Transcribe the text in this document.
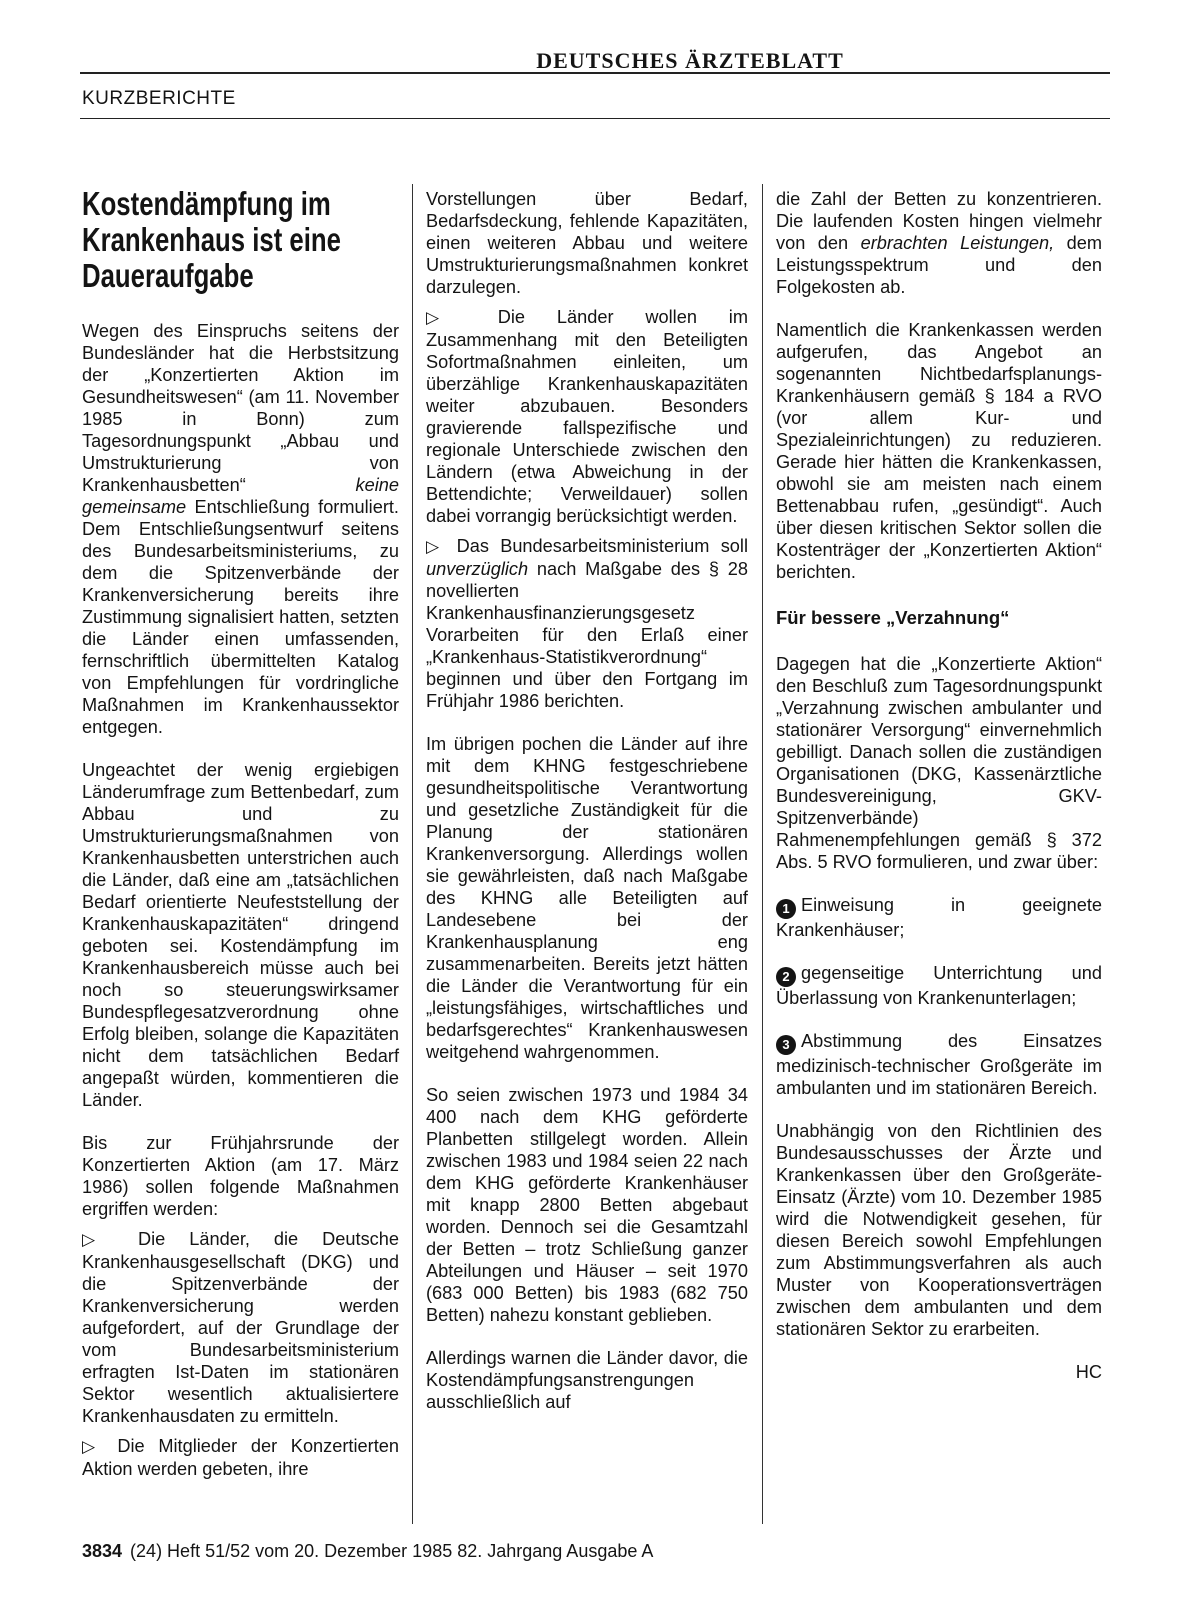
DEUTSCHES ÄRZTEBLATT
KURZBERICHTE
Kostendämpfung im Krankenhaus ist eine Daueraufgabe

Wegen des Einspruchs seitens der Bundesländer hat die Herbstsitzung der „Konzertierten Aktion im Gesundheitswesen“ (am 11. November 1985 in Bonn) zum Tagesordnungspunkt „Abbau und Umstrukturierung von Krankenhausbetten“ keine gemeinsame Entschließung formuliert. Dem Entschließungsentwurf seitens des Bundesarbeitsministeriums, zu dem die Spitzenverbände der Krankenversicherung bereits ihre Zustimmung signalisiert hatten, setzten die Länder einen umfassenden, fernschriftlich übermittelten Katalog von Empfehlungen für vordringliche Maßnahmen im Krankenhaussektor entgegen.

Ungeachtet der wenig ergiebigen Länderumfrage zum Bettenbedarf, zum Abbau und zu Umstrukturierungsmaßnahmen von Krankenhausbetten unterstrichen auch die Länder, daß eine am „tatsächlichen Bedarf orientierte Neufeststellung der Krankenhauskapazitäten“ dringend geboten sei. Kostendämpfung im Krankenhausbereich müsse auch bei noch so steuerungswirksamer Bundespflegesatzverordnung ohne Erfolg bleiben, solange die Kapazitäten nicht dem tatsächlichen Bedarf angepaßt würden, kommentieren die Länder.

Bis zur Frühjahrsrunde der Konzertierten Aktion (am 17. März 1986) sollen folgende Maßnahmen ergriffen werden:

▷ Die Länder, die Deutsche Krankenhausgesellschaft (DKG) und die Spitzenverbände der Krankenversicherung werden aufgefordert, auf der Grundlage der vom Bundesarbeitsministerium erfragten Ist-Daten im stationären Sektor wesentlich aktualisiertere Krankenhausdaten zu ermitteln.

▷ Die Mitglieder der Konzertierten Aktion werden gebeten, ihre

Vorstellungen über Bedarf, Bedarfsdeckung, fehlende Kapazitäten, einen weiteren Abbau und weitere Umstrukturierungsmaßnahmen konkret darzulegen.

▷ Die Länder wollen im Zusammenhang mit den Beteiligten Sofortmaßnahmen einleiten, um überzählige Krankenhauskapazitäten weiter abzubauen. Besonders gravierende fallspezifische und regionale Unterschiede zwischen den Ländern (etwa Abweichung in der Bettendichte; Verweildauer) sollen dabei vorrangig berücksichtigt werden.

▷ Das Bundesarbeitsministerium soll unverzüglich nach Maßgabe des § 28 novellierten Krankenhausfinanzierungsgesetz Vorarbeiten für den Erlaß einer „Krankenhaus-Statistikverordnung“ beginnen und über den Fortgang im Frühjahr 1986 berichten.

Im übrigen pochen die Länder auf ihre mit dem KHNG festgeschriebene gesundheitspolitische Verantwortung und gesetzliche Zuständigkeit für die Planung der stationären Krankenversorgung. Allerdings wollen sie gewährleisten, daß nach Maßgabe des KHNG alle Beteiligten auf Landesebene bei der Krankenhausplanung eng zusammenarbeiten. Bereits jetzt hätten die Länder die Verantwortung für ein „leistungsfähiges, wirtschaftliches und bedarfsgerechtes“ Krankenhauswesen weitgehend wahrgenommen.

So seien zwischen 1973 und 1984 34 400 nach dem KHG geförderte Planbetten stillgelegt worden. Allein zwischen 1983 und 1984 seien 22 nach dem KHG geförderte Krankenhäuser mit knapp 2800 Betten abgebaut worden. Dennoch sei die Gesamtzahl der Betten – trotz Schließung ganzer Abteilungen und Häuser – seit 1970 (683 000 Betten) bis 1983 (682 750 Betten) nahezu konstant geblieben.

Allerdings warnen die Länder davor, die Kostendämpfungsanstrengungen ausschließlich auf

die Zahl der Betten zu konzentrieren. Die laufenden Kosten hingen vielmehr von den erbrachten Leistungen, dem Leistungsspektrum und den Folgekosten ab.

Namentlich die Krankenkassen werden aufgerufen, das Angebot an sogenannten Nichtbedarfsplanungs-Krankenhäusern gemäß § 184 a RVO (vor allem Kur- und Spezialeinrichtungen) zu reduzieren. Gerade hier hätten die Krankenkassen, obwohl sie am meisten nach einem Bettenabbau rufen, „gesündigt“. Auch über diesen kritischen Sektor sollen die Kostenträger der „Konzertierten Aktion“ berichten.

Für bessere „Verzahnung“

Dagegen hat die „Konzertierte Aktion“ den Beschluß zum Tagesordnungspunkt „Verzahnung zwischen ambulanter und stationärer Versorgung“ einvernehmlich gebilligt. Danach sollen die zuständigen Organisationen (DKG, Kassenärztliche Bundesvereinigung, GKV-Spitzenverbände) Rahmenempfehlungen gemäß § 372 Abs. 5 RVO formulieren, und zwar über:

1 Einweisung in geeignete Krankenhäuser;

2 gegenseitige Unterrichtung und Überlassung von Krankenunterlagen;

3 Abstimmung des Einsatzes medizinisch-technischer Großgeräte im ambulanten und im stationären Bereich.

Unabhängig von den Richtlinien des Bundesausschusses der Ärzte und Krankenkassen über den Großgeräte-Einsatz (Ärzte) vom 10. Dezember 1985 wird die Notwendigkeit gesehen, für diesen Bereich sowohl Empfehlungen zum Abstimmungsverfahren als auch Muster von Kooperationsverträgen zwischen dem ambulanten und dem stationären Sektor zu erarbeiten.

HC
3834 (24) Heft 51/52 vom 20. Dezember 1985 82. Jahrgang Ausgabe A
